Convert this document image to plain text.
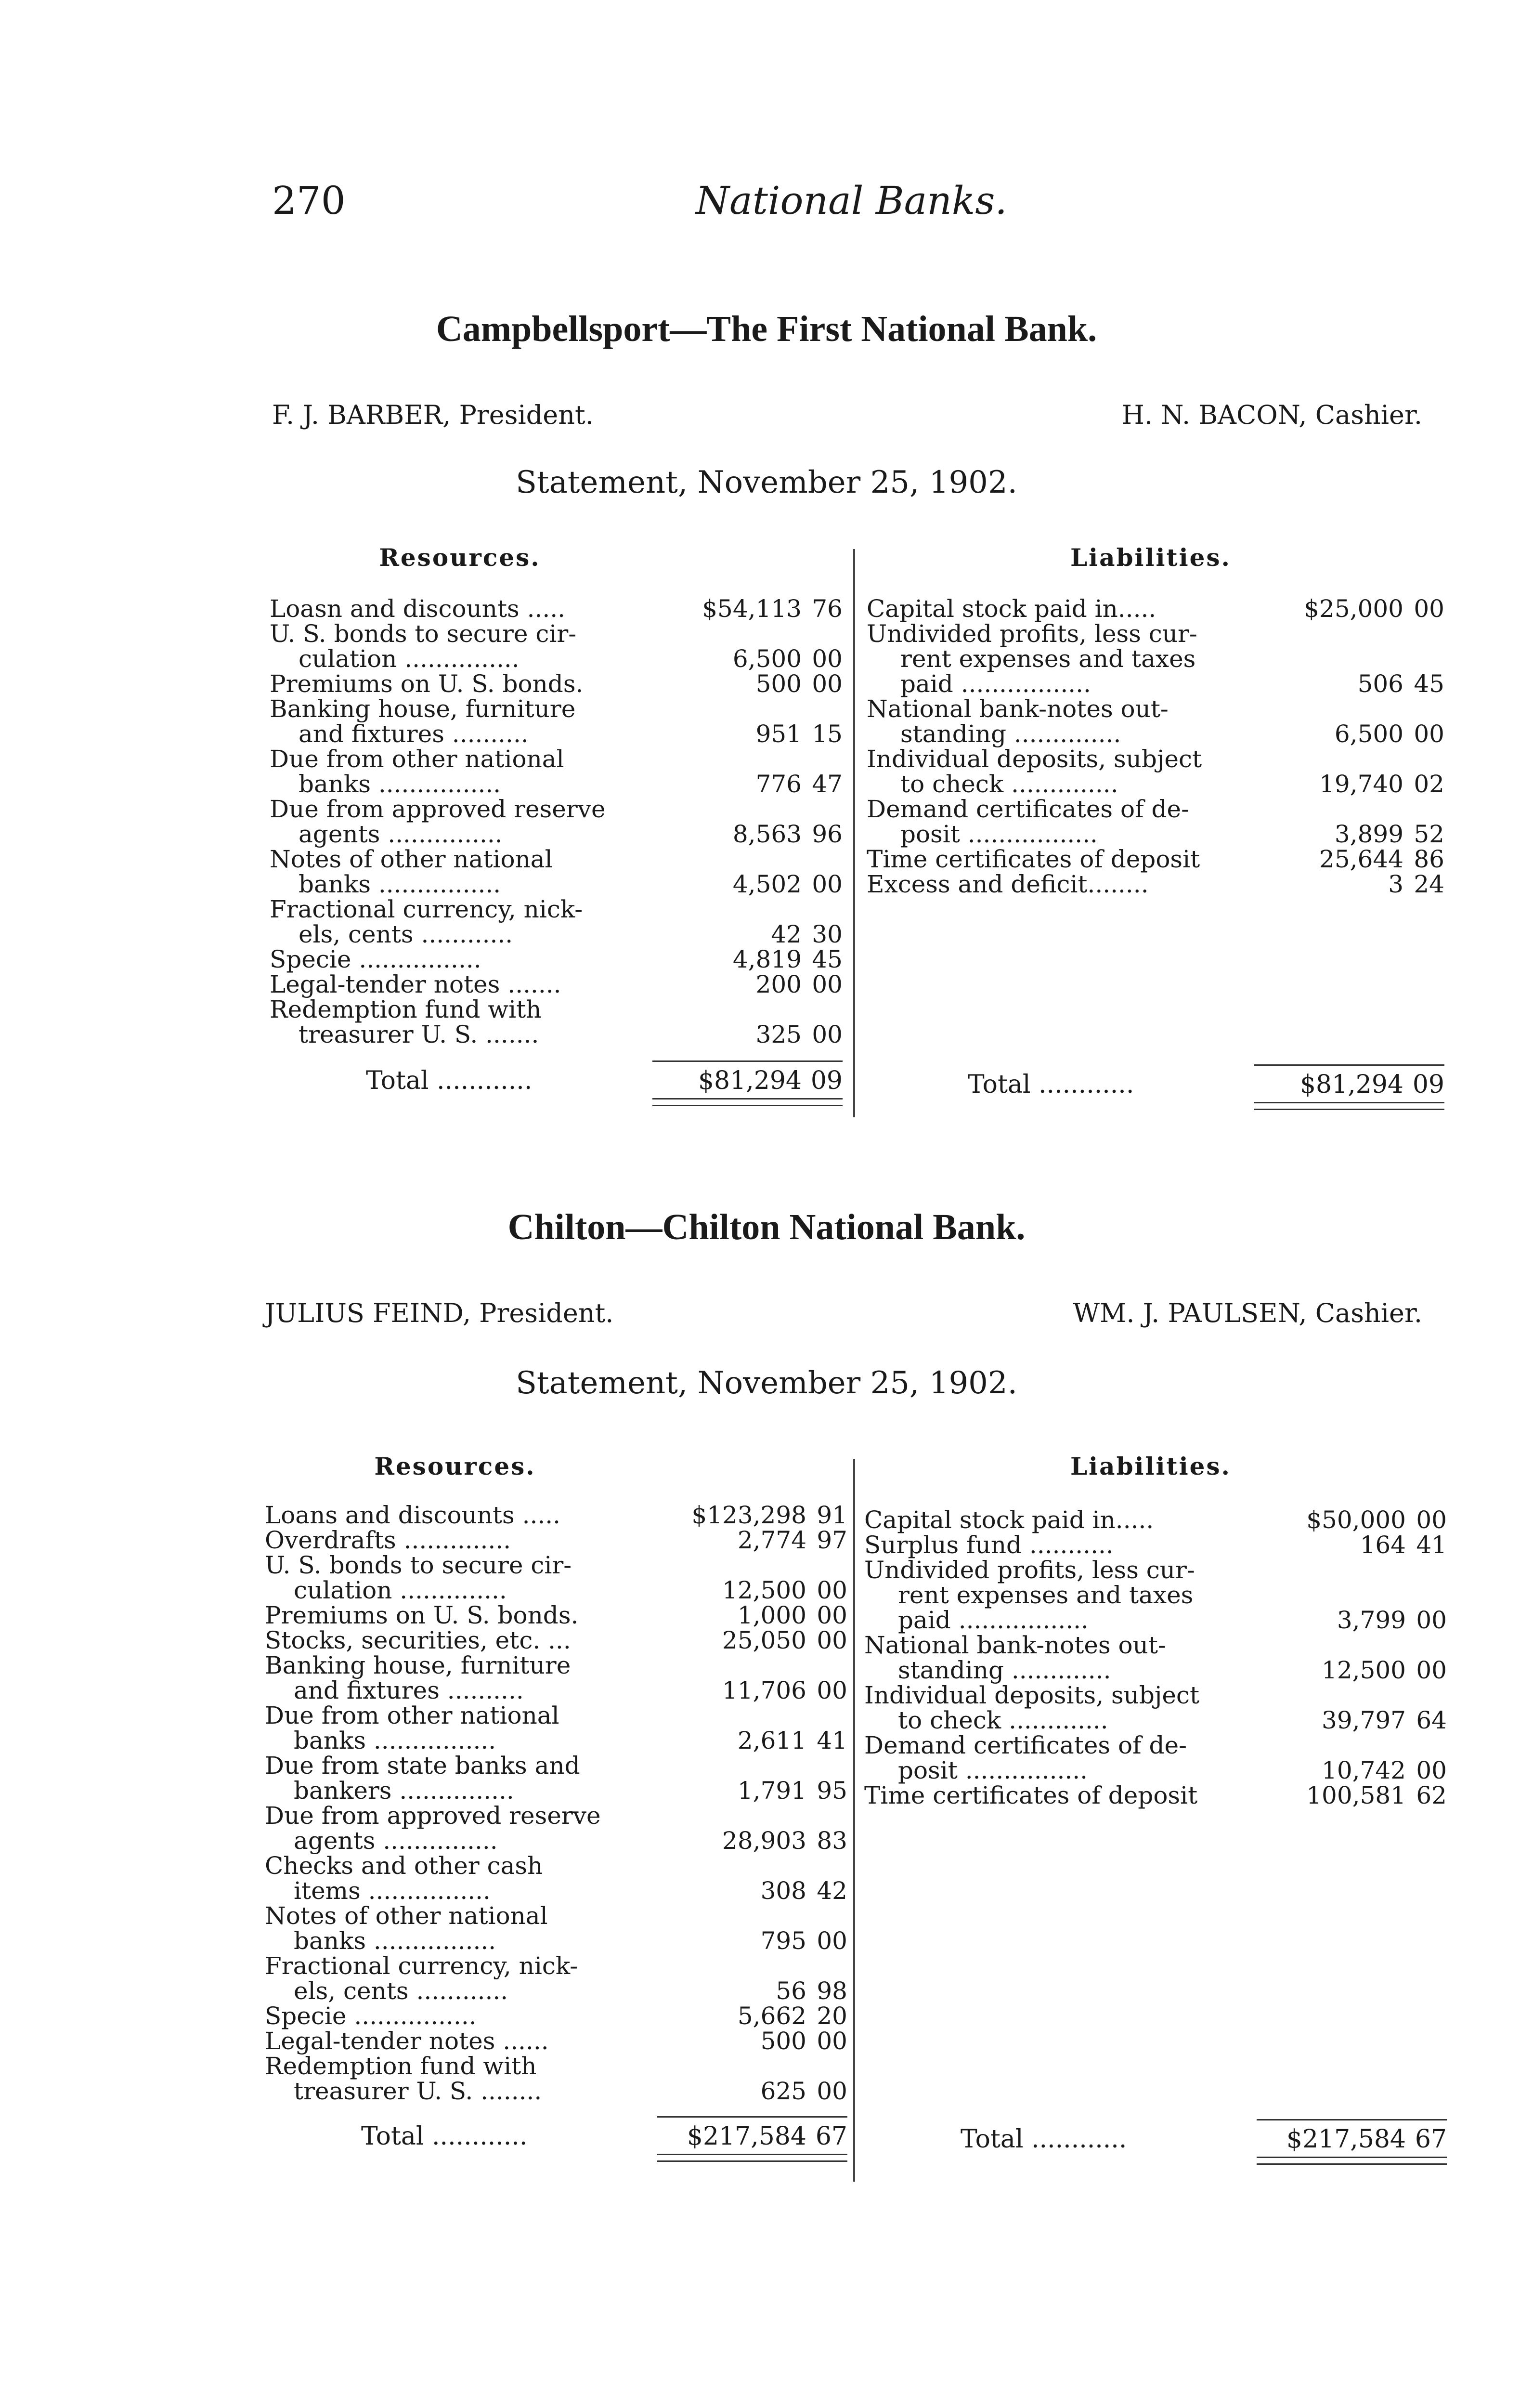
270	National Banks.
Campbellsport—The First National Bank.
F. J. BARBER, President.	H. N. BACON, Cashier.
Statement, November 25, 1902.
Resources.	Liabilities.
Loasn and discounts .....	$54,113 76
U. S. bonds to secure cir-
culation ...............	6,500 00
Premiums on U. S. bonds.	500 00
Banking house, furniture
and fixtures ..........	951 15
Due from other national
banks ................	776 47
Due from approved reserve
agents ...............	8,563 96
Notes of other national
banks ................	4,502 00
Fractional currency, nick-
els, cents ............	42 30
Specie ................	4,819 45
Legal-tender notes .......	200 00
Redemption fund with
treasurer U. S. .......	325 00
Total ............	$81,294 09
Capital stock paid in.....	$25,000 00
Undivided profits, less cur-
rent expenses and taxes
paid .................	506 45
National bank-notes out-
standing ..............	6,500 00
Individual deposits, subject
to check ..............	19,740 02
Demand certificates of de-
posit .................	3,899 52
Time certificates of deposit	25,644 86
Excess and deficit........	3 24
Total ............	$81,294 09
Chilton—Chilton National Bank.
JULIUS FEIND, President.	WM. J. PAULSEN, Cashier.
Statement, November 25, 1902.
Resources.	Liabilities.
Loans and discounts .....	$123,298 91
Overdrafts ..............	2,774 97
U. S. bonds to secure cir-
culation ..............	12,500 00
Premiums on U. S. bonds.	1,000 00
Stocks, securities, etc. ...	25,050 00
Banking house, furniture
and fixtures ..........	11,706 00
Due from other national
banks ................	2,611 41
Due from state banks and
bankers ...............	1,791 95
Due from approved reserve
agents ...............	28,903 83
Checks and other cash
items ................	308 42
Notes of other national
banks ................	795 00
Fractional currency, nick-
els, cents ............	56 98
Specie ................	5,662 20
Legal-tender notes ......	500 00
Redemption fund with
treasurer U. S. ........	625 00
Total ............	$217,584 67
Capital stock paid in.....	$50,000 00
Surplus fund ...........	164 41
Undivided profits, less cur-
rent expenses and taxes
paid .................	3,799 00
National bank-notes out-
standing .............	12,500 00
Individual deposits, subject
to check .............	39,797 64
Demand certificates of de-
posit ................	10,742 00
Time certificates of deposit	100,581 62
Total ............	$217,584 67
